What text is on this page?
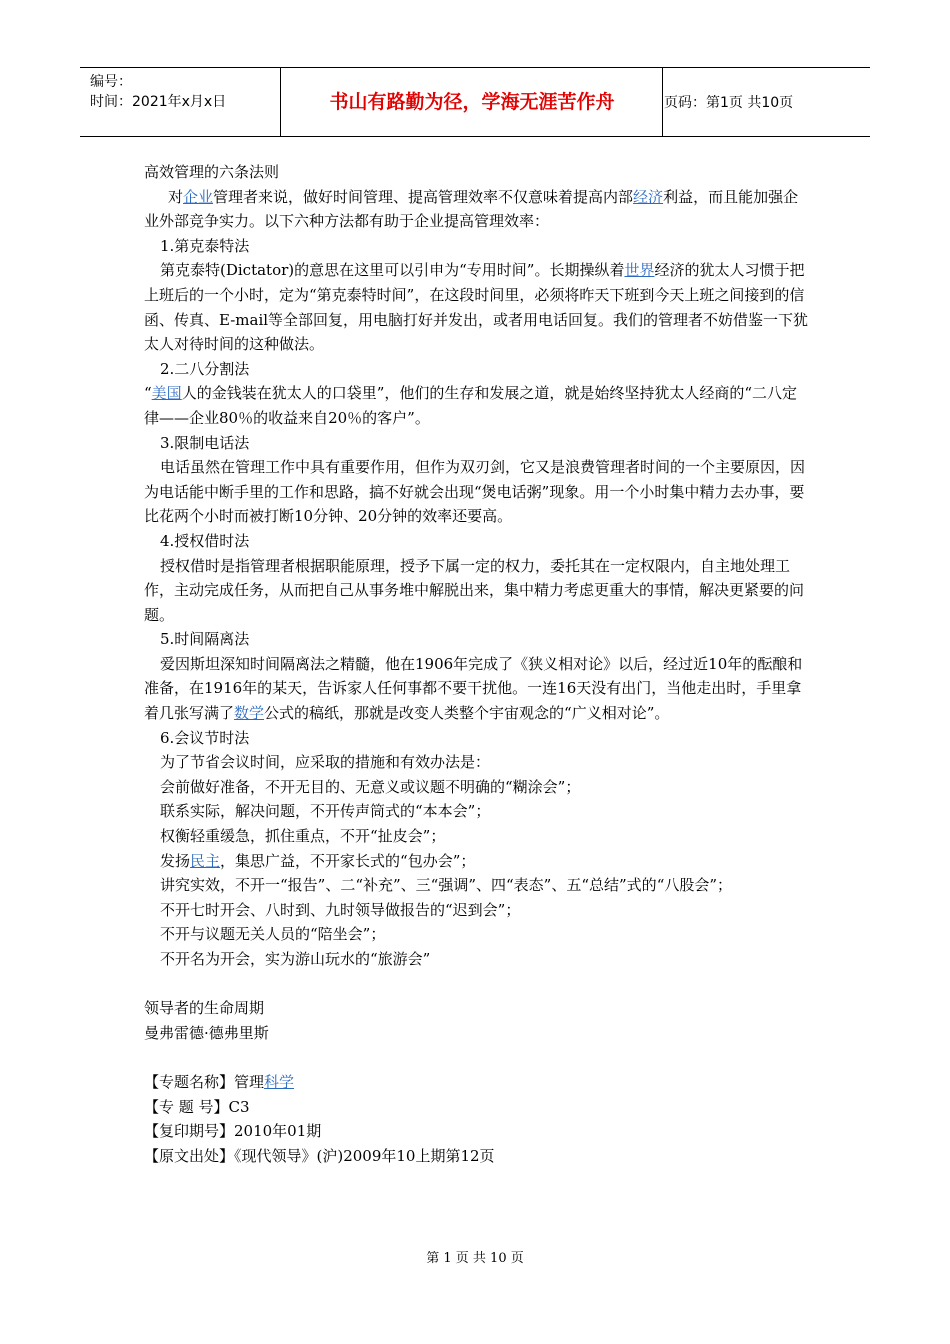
编号：
时间：2021年x月x日	书山有路勤为径，学海无涯苦作舟	页码：第1页 共10页

高效管理的六条法则

对企业管理者来说，做好时间管理、提高管理效率不仅意味着提高内部经济利益，而且能加强企业外部竞争实力。以下六种方法都有助于企业提高管理效率：

1.第克泰特法

第克泰特(Dictator)的意思在这里可以引申为“专用时间”。长期操纵着世界经济的犹太人习惯于把上班后的一个小时，定为“第克泰特时间”，在这段时间里，必须将昨天下班到今天上班之间接到的信函、传真、E-mail等全部回复，用电脑打好并发出，或者用电话回复。我们的管理者不妨借鉴一下犹太人对待时间的这种做法。

2.二八分割法

“美国人的金钱装在犹太人的口袋里”，他们的生存和发展之道，就是始终坚持犹太人经商的“二八定律——企业80％的收益来自20％的客户”。

3.限制电话法

电话虽然在管理工作中具有重要作用，但作为双刃剑，它又是浪费管理者时间的一个主要原因，因为电话能中断手里的工作和思路，搞不好就会出现“煲电话粥”现象。用一个小时集中精力去办事，要比花两个小时而被打断10分钟、20分钟的效率还要高。

4.授权借时法

授权借时是指管理者根据职能原理，授予下属一定的权力，委托其在一定权限内，自主地处理工作，主动完成任务，从而把自己从事务堆中解脱出来，集中精力考虑更重大的事情，解决更紧要的问题。

5.时间隔离法

爱因斯坦深知时间隔离法之精髓，他在1906年完成了《狭义相对论》以后，经过近10年的酝酿和准备，在1916年的某天，告诉家人任何事都不要干扰他。一连16天没有出门，当他走出时，手里拿着几张写满了数学公式的稿纸，那就是改变人类整个宇宙观念的“广义相对论”。

6.会议节时法

为了节省会议时间，应采取的措施和有效办法是：

会前做好准备，不开无目的、无意义或议题不明确的“糊涂会”；

联系实际，解决问题，不开传声筒式的“本本会”；

权衡轻重缓急，抓住重点，不开“扯皮会”；

发扬民主，集思广益，不开家长式的“包办会”；

讲究实效，不开一“报告”、二“补充”、三“强调”、四“表态”、五“总结”式的“八股会”；

不开七时开会、八时到、九时领导做报告的“迟到会”；

不开与议题无关人员的“陪坐会”；

不开名为开会，实为游山玩水的“旅游会”

领导者的生命周期

曼弗雷德·德弗里斯

【专题名称】管理科学

【专 题 号】C3

【复印期号】2010年01期

【原文出处】《现代领导》(沪)2009年10上期第12页

第 1 页 共 10 页
